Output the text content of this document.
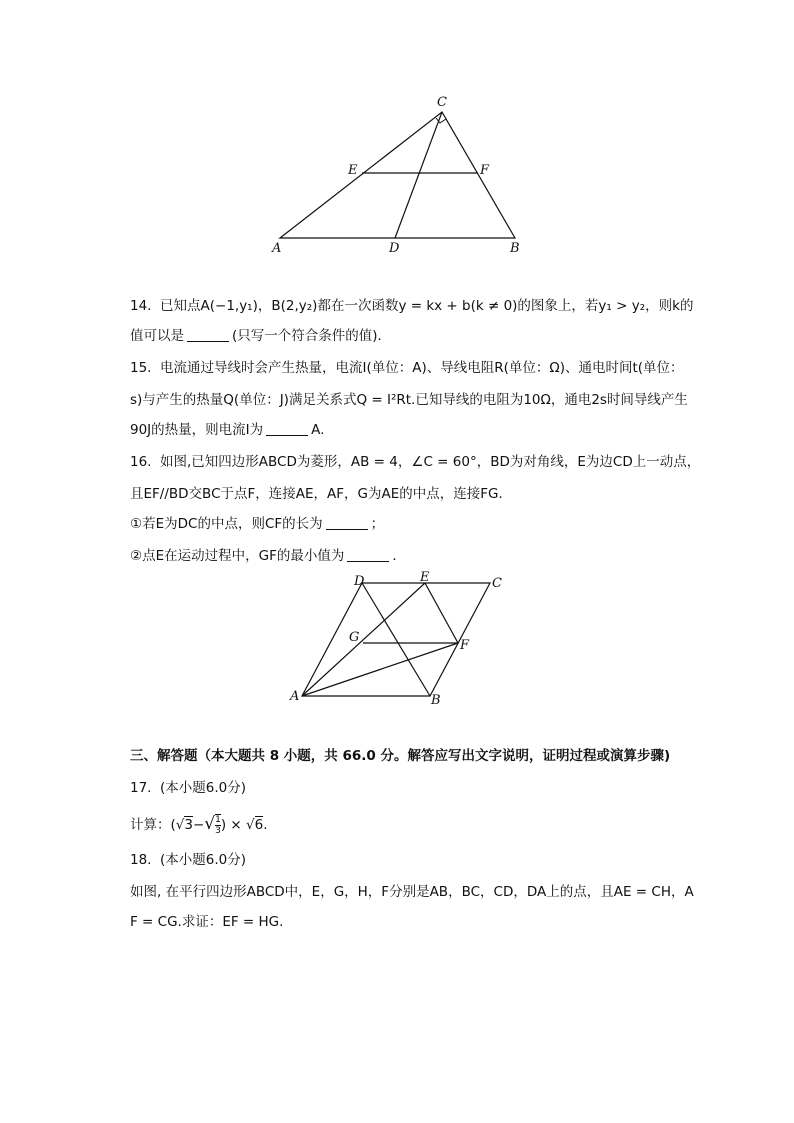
A	B
C
D
E	F
14. 已知点A(−1,y₁)，B(2,y₂)都在一次函数y = kx + b(k ≠ 0)的图象上，若y₁ > y₂，则k的
值可以是	(只写一个符合条件的值)．
15. 电流通过导线时会产生热量，电流I(单位：A)、导线电阻R(单位：Ω)、通电时间t(单位：
s)与产生的热量Q(单位：J)满足关系式Q = I²Rt.已知导线的电阻为10Ω，通电2s时间导线产生
90J的热量，则电流I为	A.
16. 如图,已知四边形ABCD为菱形，AB = 4，∠C = 60°，BD为对角线，E为边CD上一动点，
且EF//BD交BC于点F，连接AE，AF，G为AE的中点，连接FG．
①若E为DC的中点，则CF的长为	；
②点E在运动过程中，GF的最小值为	．
A	B
C
D	E
F
G
三、解答题（本大题共 8 小题，共 66.0 分。解答应写出文字说明，证明过程或演算步骤)
17. (本小题6.0分)
计算：($√3-√ \frac{1}{3}$ ) × √6.
18. (本小题6.0分)
如图, 在平行四边形ABCD中，E，G，H，F分别是AB，BC，CD，DA上的点，且AE = CH，A
F = CG.求证：EF = HG.
